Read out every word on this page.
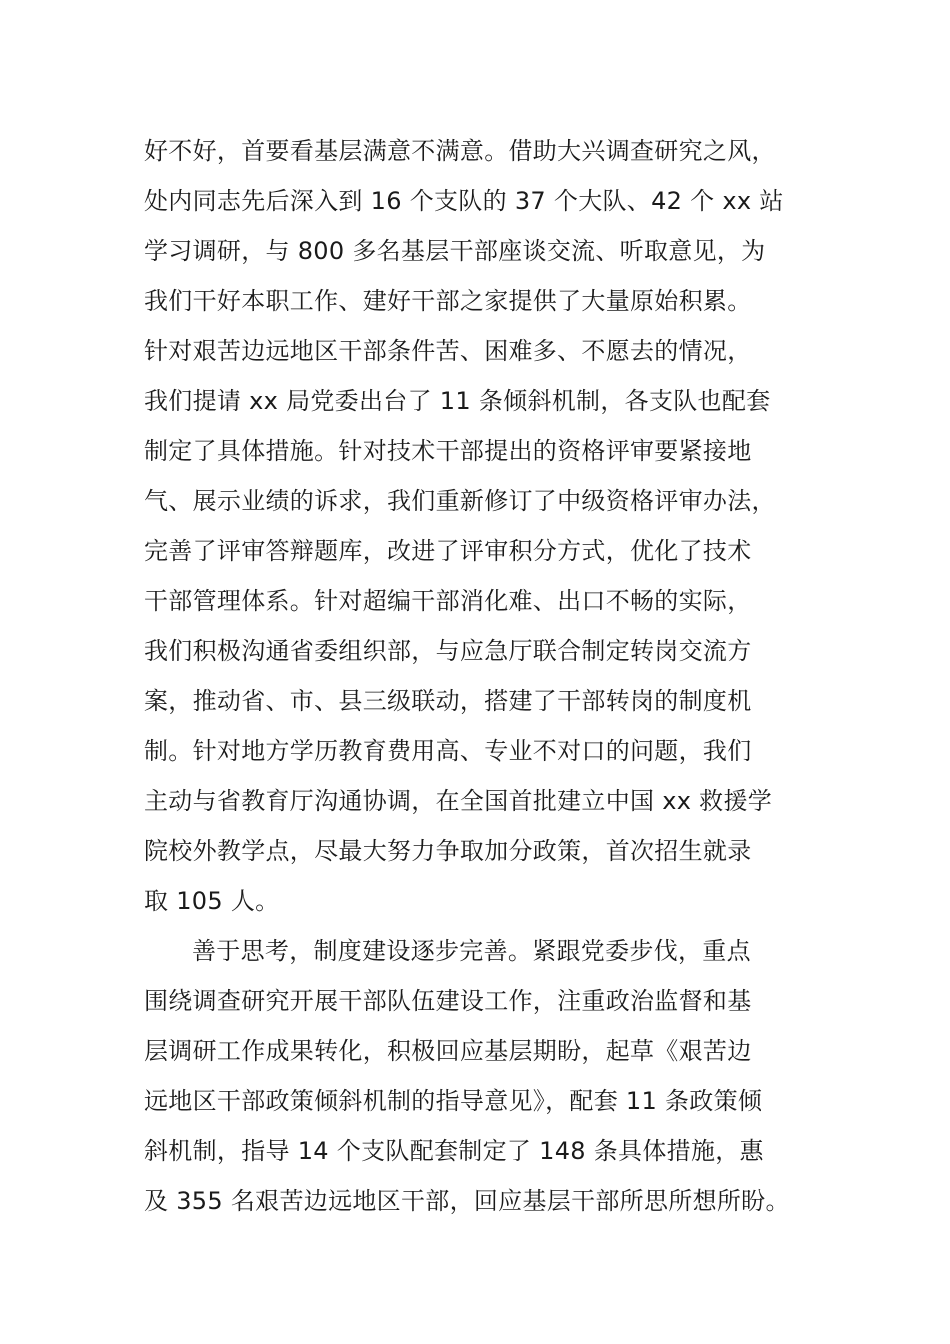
好不好，首要看基层满意不满意。借助大兴调查研究之风，
处内同志先后深入到 16 个支队的 37 个大队、42 个 xx 站
学习调研，与 800 多名基层干部座谈交流、听取意见，为
我们干好本职工作、建好干部之家提供了大量原始积累。
针对艰苦边远地区干部条件苦、困难多、不愿去的情况，
我们提请 xx 局党委出台了 11 条倾斜机制，各支队也配套
制定了具体措施。针对技术干部提出的资格评审要紧接地
气、展示业绩的诉求，我们重新修订了中级资格评审办法，
完善了评审答辩题库，改进了评审积分方式，优化了技术
干部管理体系。针对超编干部消化难、出口不畅的实际，
我们积极沟通省委组织部，与应急厅联合制定转岗交流方
案，推动省、市、县三级联动，搭建了干部转岗的制度机
制。针对地方学历教育费用高、专业不对口的问题，我们
主动与省教育厅沟通协调，在全国首批建立中国 xx 救援学
院校外教学点，尽最大努力争取加分政策，首次招生就录
取 105 人。
善于思考，制度建设逐步完善。紧跟党委步伐，重点
围绕调查研究开展干部队伍建设工作，注重政治监督和基
层调研工作成果转化，积极回应基层期盼，起草《艰苦边
远地区干部政策倾斜机制的指导意见》，配套 11 条政策倾
斜机制，指导 14 个支队配套制定了 148 条具体措施，惠
及 355 名艰苦边远地区干部，回应基层干部所思所想所盼。
